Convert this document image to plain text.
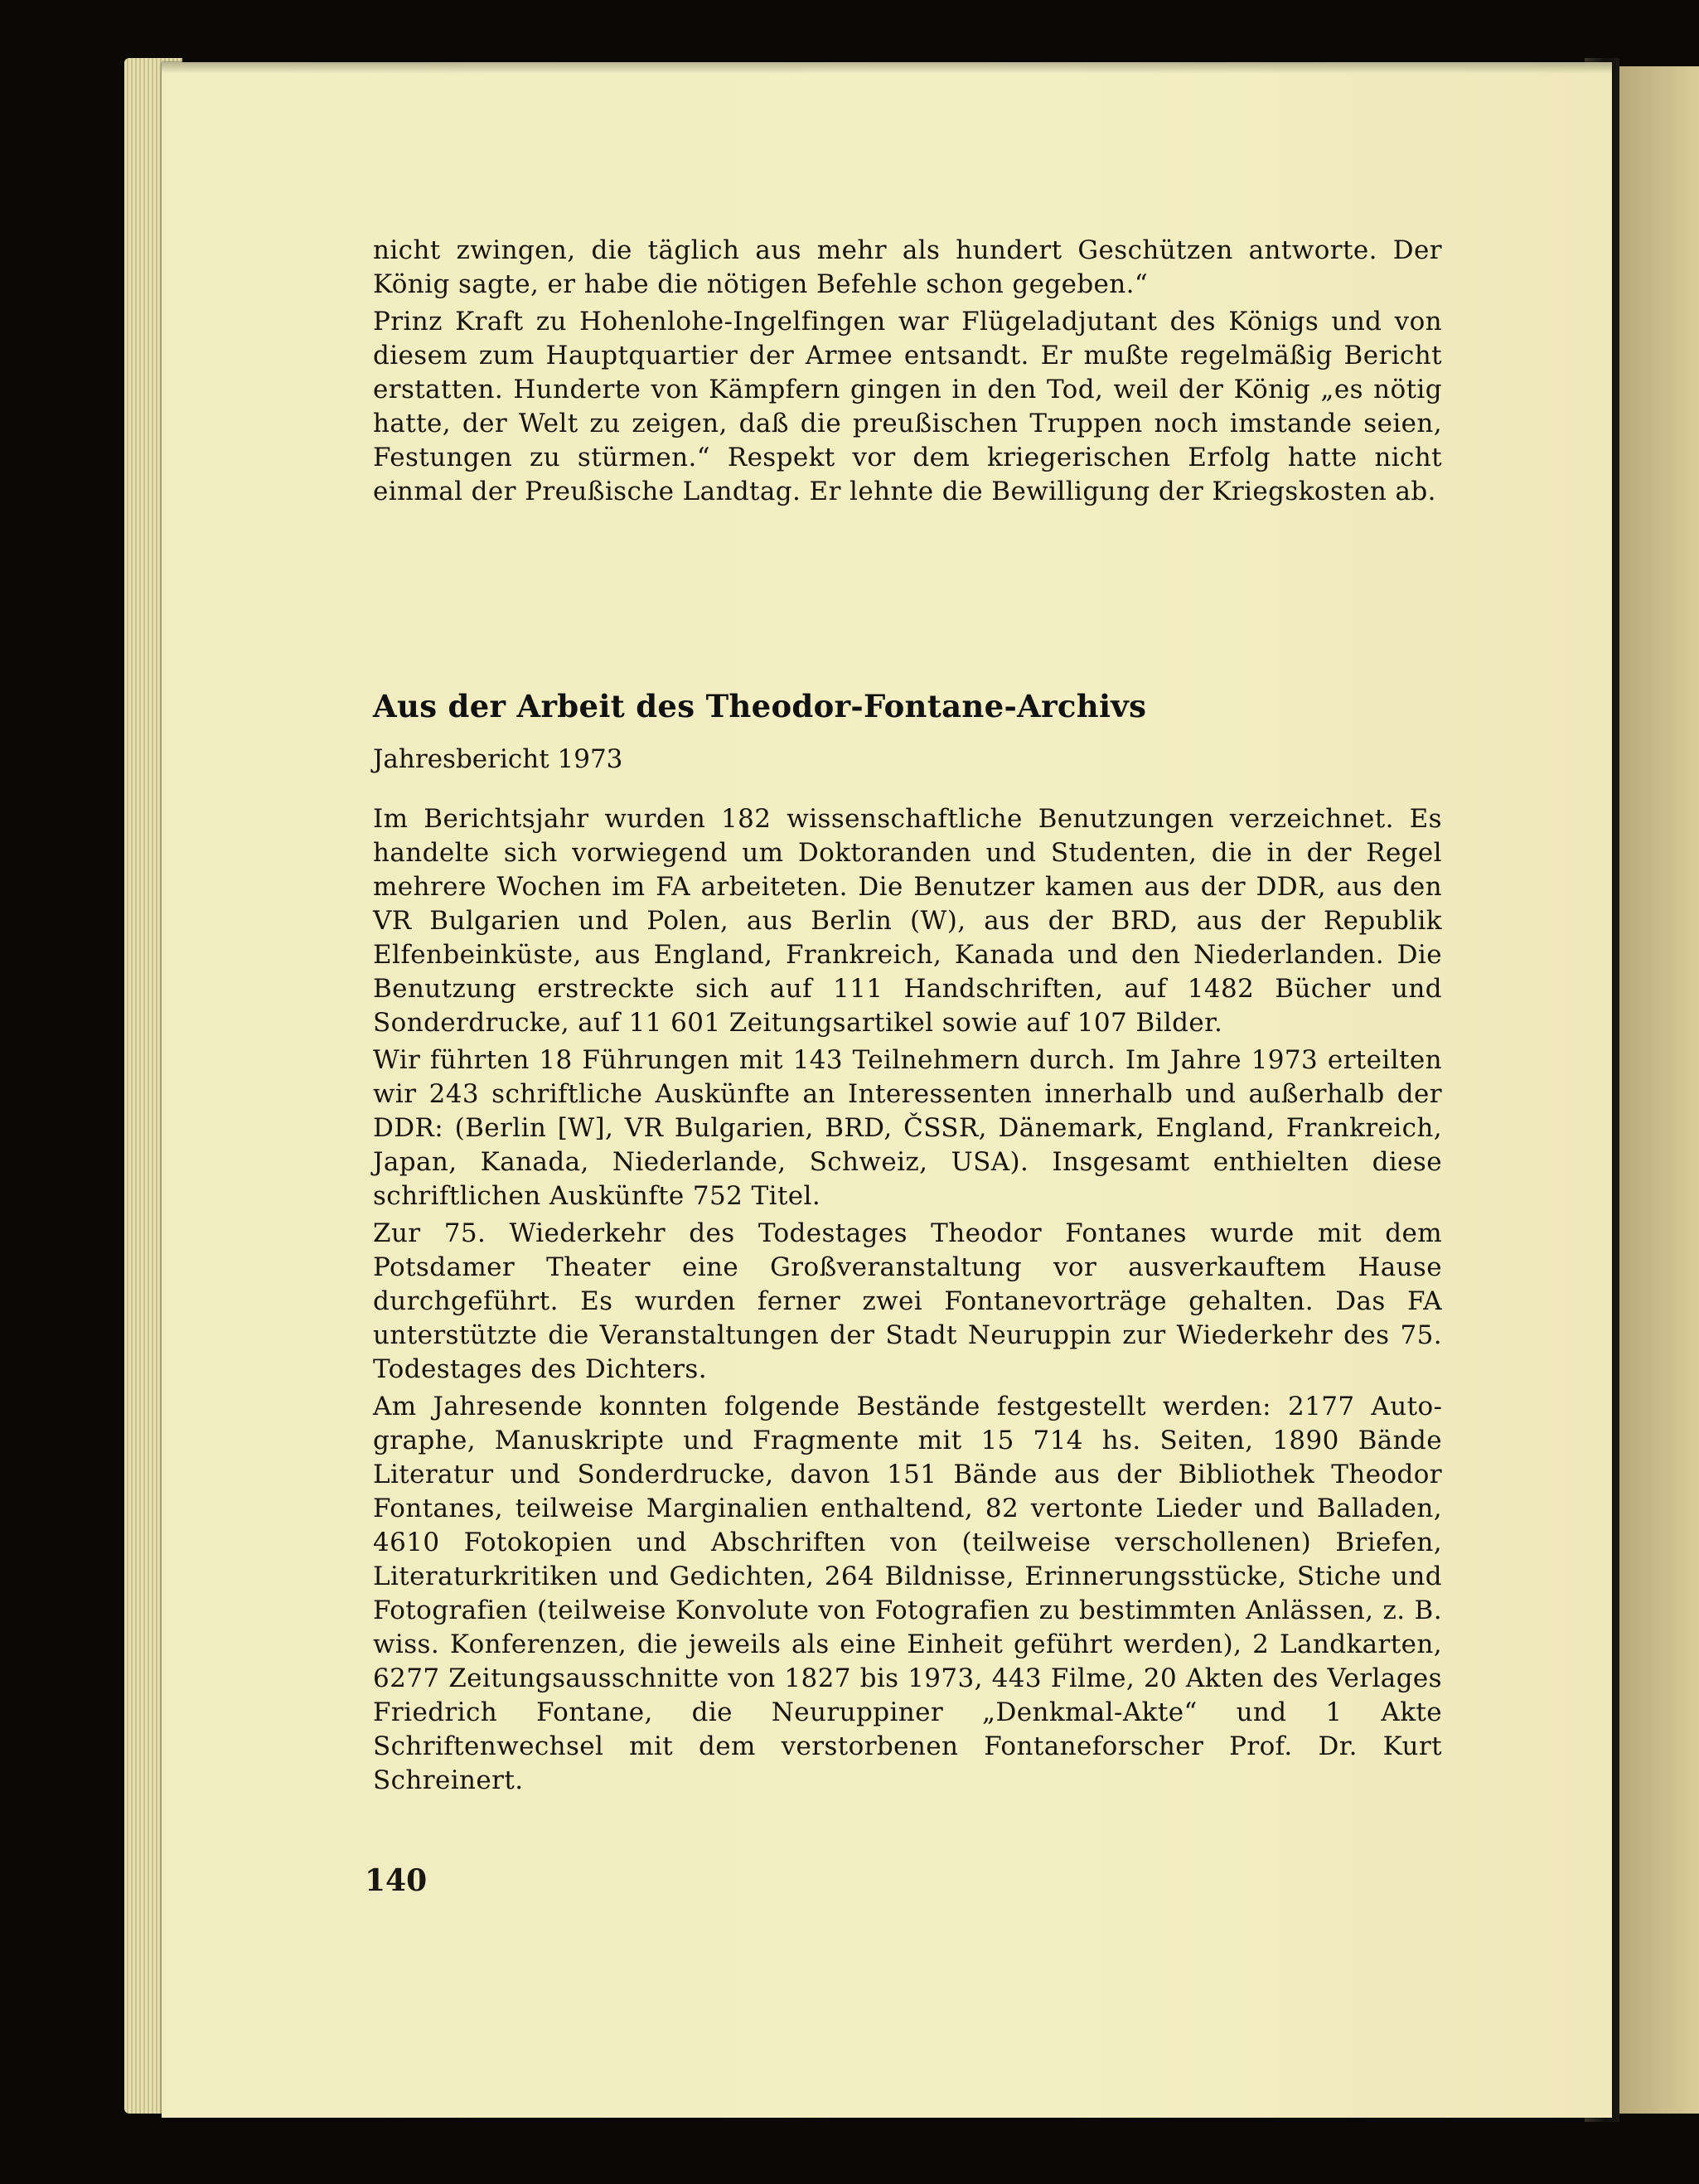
nicht zwingen, die täglich aus mehr als hundert Geschützen antworte. Der König sagte, er habe die nötigen Befehle schon gegeben.“

Prinz Kraft zu Hohenlohe-Ingelfingen war Flügeladjutant des Königs und von diesem zum Hauptquartier der Armee entsandt. Er mußte regelmäßig Bericht erstatten. Hunderte von Kämpfern gingen in den Tod, weil der König „es nötig hatte, der Welt zu zeigen, daß die preußischen Truppen noch imstande seien, Festungen zu stürmen.“ Respekt vor dem kriegerischen Erfolg hatte nicht einmal der Preußische Landtag. Er lehnte die Bewilligung der Kriegskosten ab.

Aus der Arbeit des Theodor-Fontane-Archivs
Jahresbericht 1973

Im Berichtsjahr wurden 182 wissenschaftliche Benutzungen verzeichnet. Es handelte sich vorwiegend um Doktoranden und Studenten, die in der Regel mehrere Wochen im FA arbeiteten. Die Benutzer kamen aus der DDR, aus den VR Bulgarien und Polen, aus Berlin (W), aus der BRD, aus der Republik Elfenbeinküste, aus England, Frankreich, Kanada und den Niederlanden. Die Benutzung erstreckte sich auf 111 Handschriften, auf 1482 Bücher und Sonderdrucke, auf 11 601 Zeitungsartikel sowie auf 107 Bilder.

Wir führten 18 Führungen mit 143 Teilnehmern durch. Im Jahre 1973 erteilten wir 243 schriftliche Auskünfte an Interessenten innerhalb und außerhalb der DDR: (Berlin [W], VR Bulgarien, BRD, ČSSR, Dänemark, England, Frankreich, Japan, Kanada, Niederlande, Schweiz, USA). Insgesamt enthielten diese schriftlichen Auskünfte 752 Titel.

Zur 75. Wiederkehr des Todestages Theodor Fontanes wurde mit dem Potsdamer Theater eine Großveranstaltung vor ausverkauftem Hause durchgeführt. Es wurden ferner zwei Fontanevorträge gehalten. Das FA unterstützte die Veranstaltungen der Stadt Neuruppin zur Wiederkehr des 75. Todestages des Dichters.

Am Jahresende konnten folgende Bestände festgestellt werden: 2177 Autographe, Manuskripte und Fragmente mit 15 714 hs. Seiten, 1890 Bände Literatur und Sonderdrucke, davon 151 Bände aus der Bibliothek Theodor Fontanes, teilweise Marginalien enthaltend, 82 vertonte Lieder und Balladen, 4610 Fotokopien und Abschriften von (teilweise verschollenen) Briefen, Literaturkritiken und Gedichten, 264 Bildnisse, Erinnerungsstücke, Stiche und Fotografien (teilweise Konvolute von Fotografien zu bestimmten Anlässen, z. B. wiss. Konferenzen, die jeweils als eine Einheit geführt werden), 2 Landkarten, 6277 Zeitungsausschnitte von 1827 bis 1973, 443 Filme, 20 Akten des Verlages Friedrich Fontane, die Neuruppiner „Denkmal-Akte“ und 1 Akte Schriftenwechsel mit dem verstorbenen Fontaneforscher Prof. Dr. Kurt Schreinert.

140
